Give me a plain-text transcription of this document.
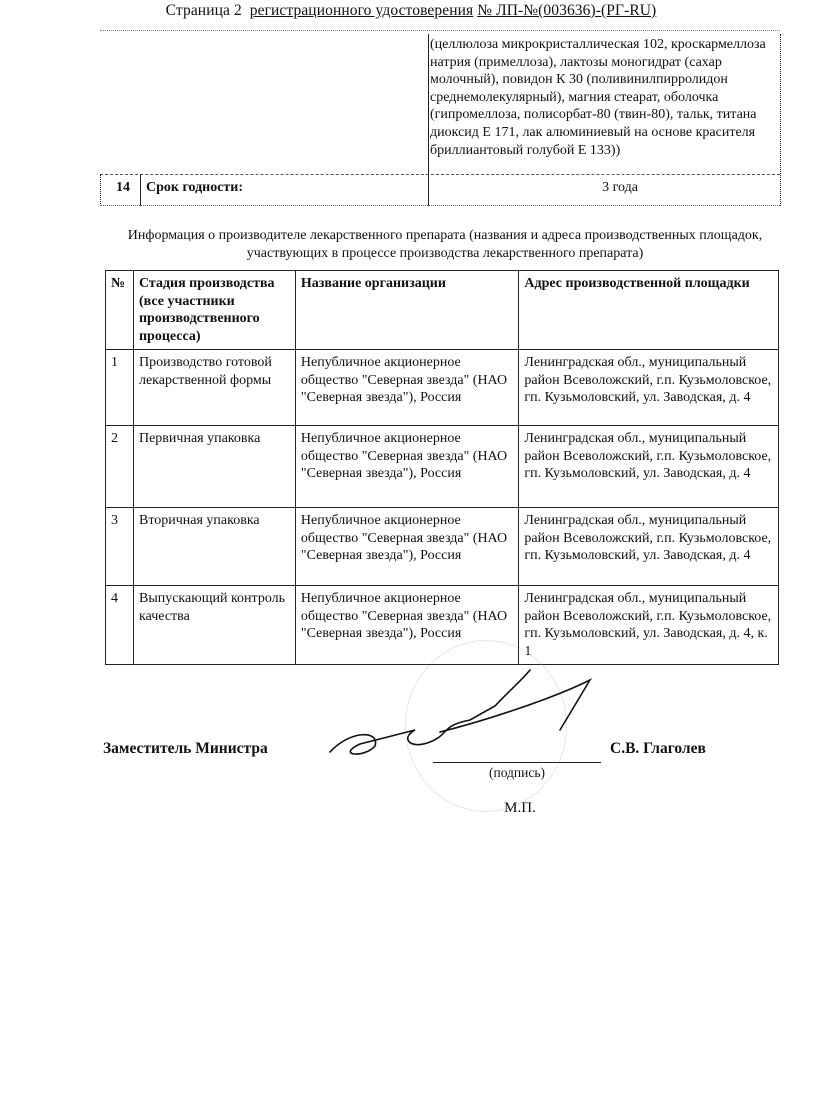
Страница 2 регистрационного удостоверения № ЛП-№(003636)-(РГ-RU)
(целлюлоза микрокристаллическая 102, кроскармеллоза натрия (примеллоза), лактозы моногидрат (сахар молочный), повидон К 30 (поливинилпирролидон среднемолекулярный), магния стеарат, оболочка (гипромеллоза, полисорбат-80 (твин-80), тальк, титана диоксид Е 171, лак алюминиевый на основе красителя бриллиантовый голубой Е 133))
14 Срок годности:	3 года
Информация о производителе лекарственного препарата (названия и адреса производственных площадок, участвующих в процессе производства лекарственного препарата)
№	Стадия производства (все участники производственного процесса)	Название организации	Адрес производственной площадки
1	Производство готовой лекарственной формы	Непубличное акционерное общество "Северная звезда" (НАО "Северная звезда"), Россия	Ленинградская обл., муниципальный район Всеволожский, г.п. Кузьмоловское, гп. Кузьмоловский, ул. Заводская, д. 4
2	Первичная упаковка	Непубличное акционерное общество "Северная звезда" (НАО "Северная звезда"), Россия	Ленинградская обл., муниципальный район Всеволожский, г.п. Кузьмоловское, гп. Кузьмоловский, ул. Заводская, д. 4
3	Вторичная упаковка	Непубличное акционерное общество "Северная звезда" (НАО "Северная звезда"), Россия	Ленинградская обл., муниципальный район Всеволожский, г.п. Кузьмоловское, гп. Кузьмоловский, ул. Заводская, д. 4
4	Выпускающий контроль качества	Непубличное акционерное общество "Северная звезда" (НАО "Северная звезда"), Россия	Ленинградская обл., муниципальный район Всеволожский, г.п. Кузьмоловское, гп. Кузьмоловский, ул. Заводская, д. 4, к. 1
Заместитель Министра
(подпись)
С.В. Глаголев
М.П.
